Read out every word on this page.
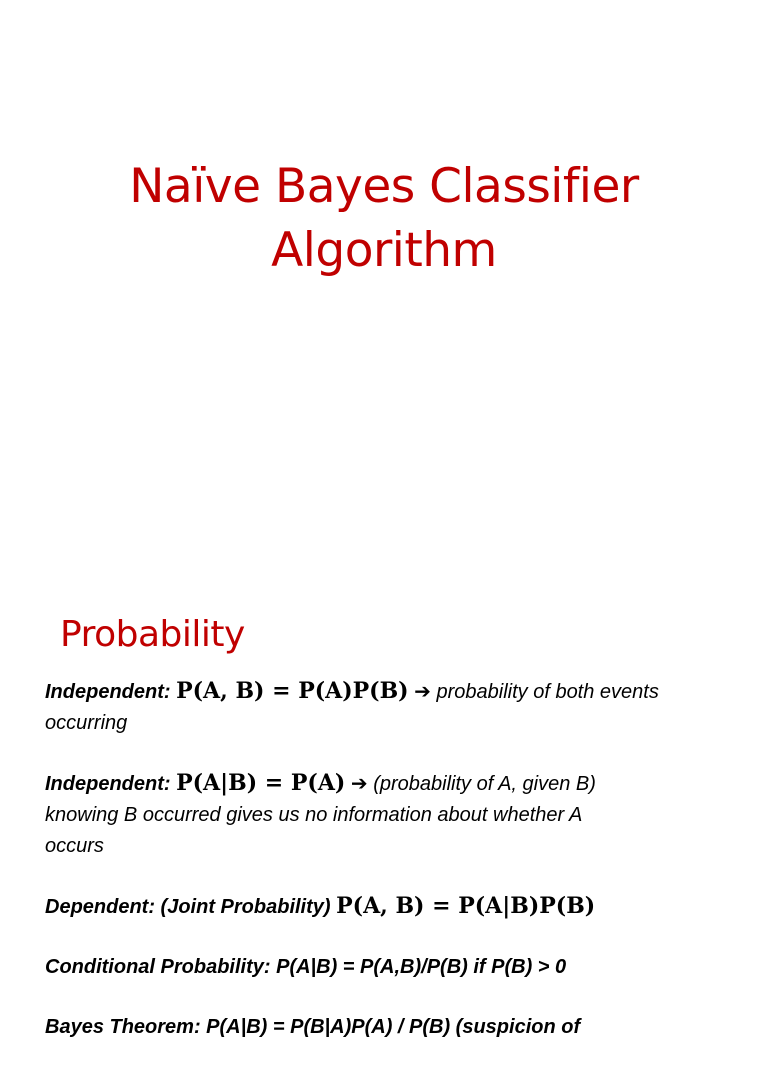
Naïve Bayes Classifier
Algorithm
Probability
Independent: P(A, B) = P(A)P(B) ➔ probability of both events
occurring
Independent: P(A|B) = P(A) ➔ (probability of A, given B)
knowing B occurred gives us no information about whether A
occurs
Dependent: (Joint Probability) P(A, B) = P(A|B)P(B)
Conditional Probability: P(A|B) = P(A,B)/P(B) if P(B) > 0
Bayes Theorem: P(A|B) = P(B|A)P(A) / P(B) (suspicion of
